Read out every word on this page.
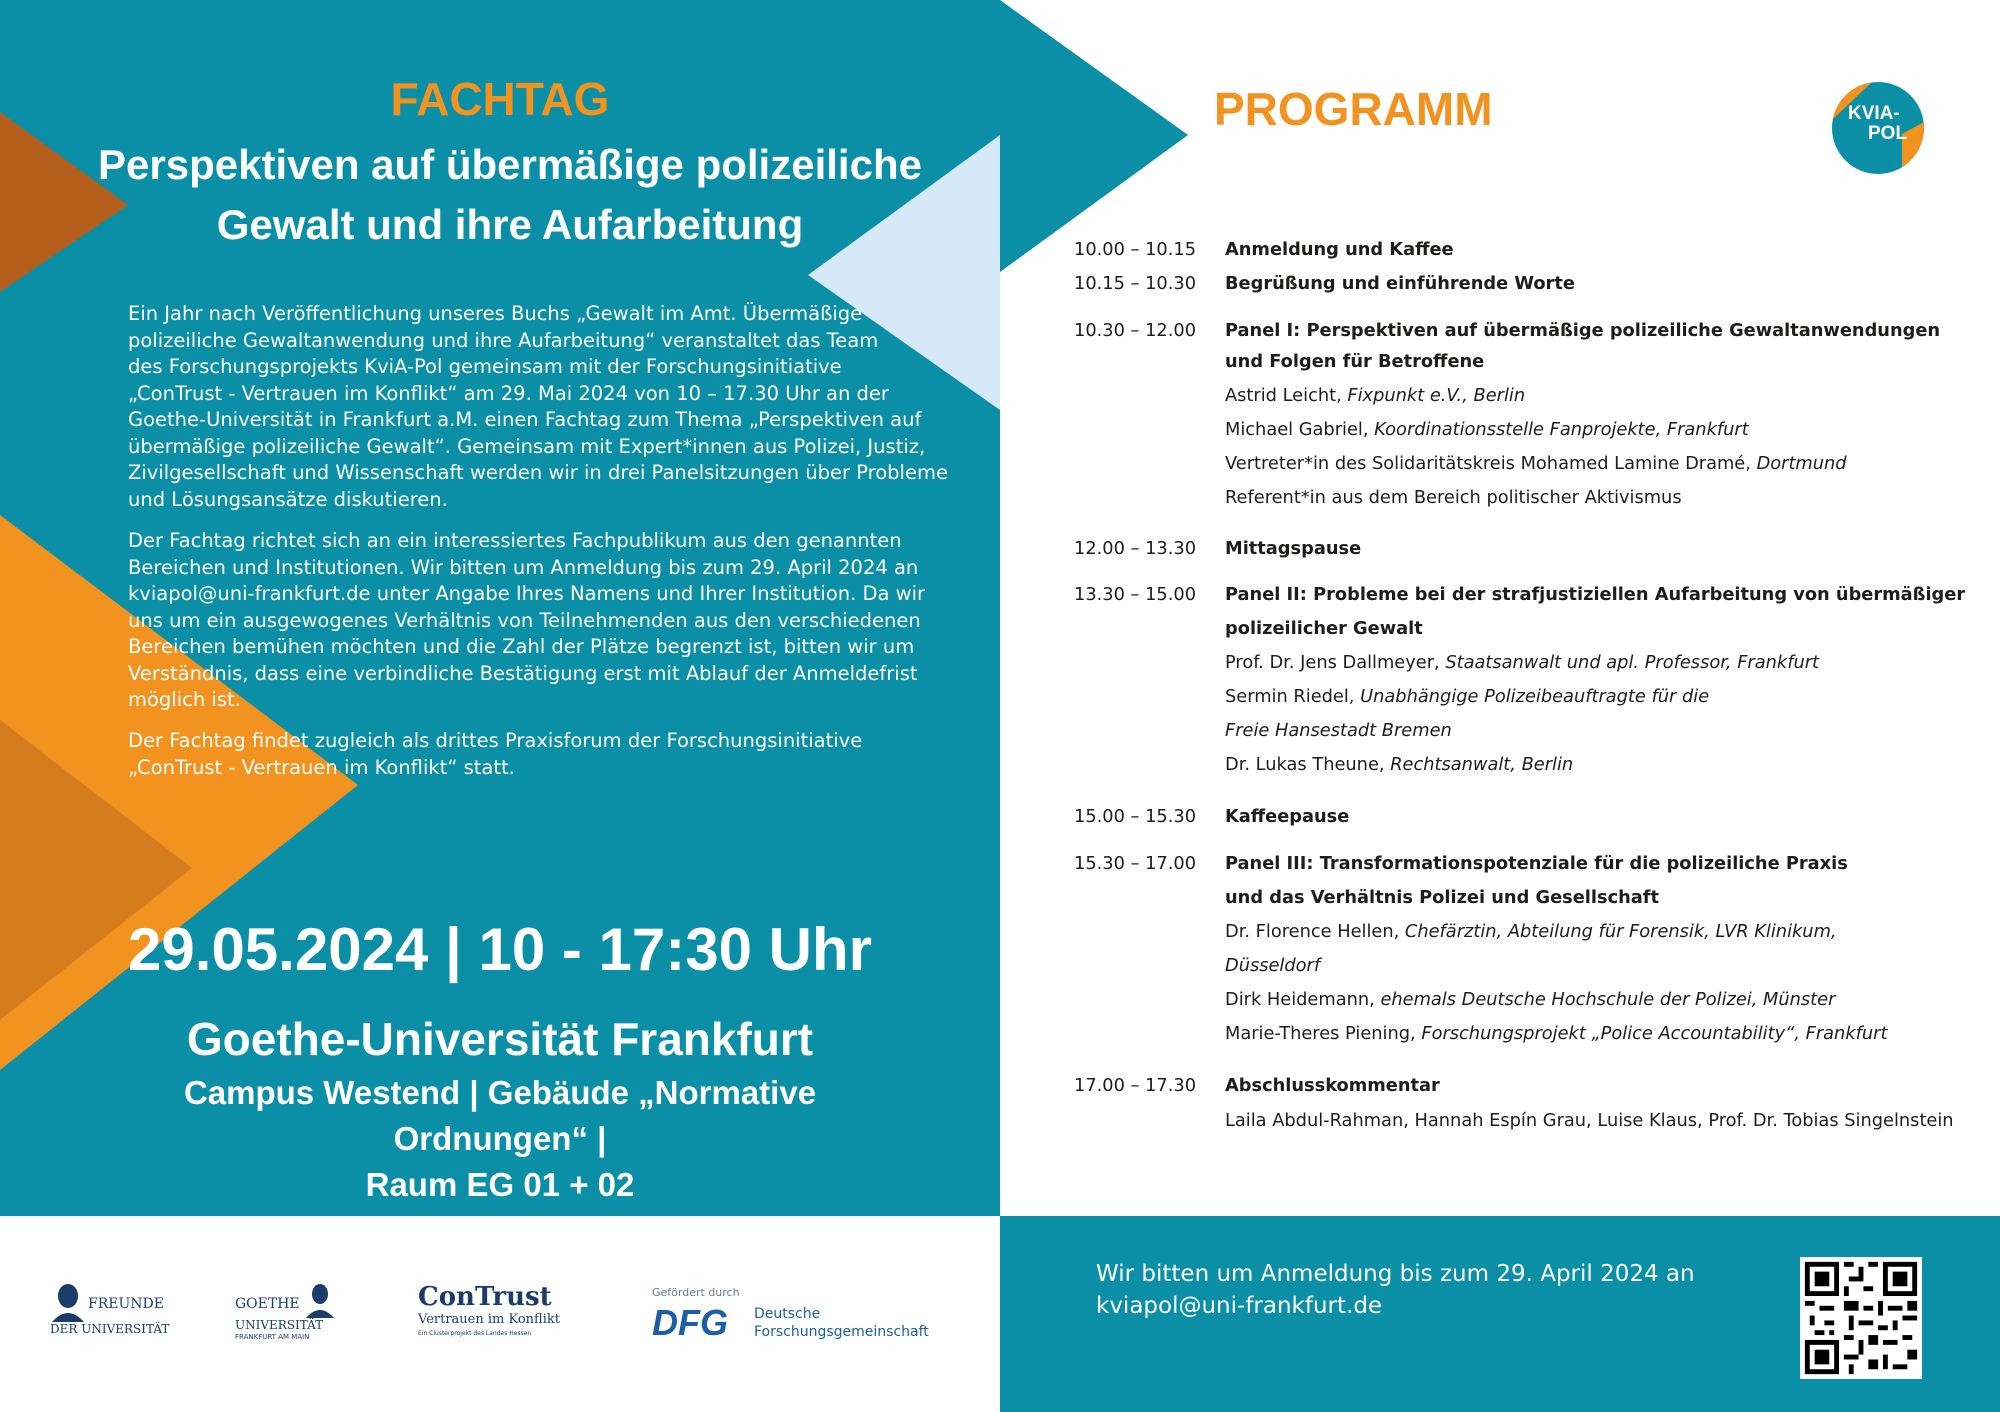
FACHTAG
Perspektiven auf übermäßige polizeiliche
Gewalt und ihre Aufarbeitung
Ein Jahr nach Veröffentlichung unseres Buchs „Gewalt im Amt. Übermäßige
polizeiliche Gewaltanwendung und ihre Aufarbeitung“ veranstaltet das Team
des Forschungsprojekts KviA-Pol gemeinsam mit der Forschungsinitiative
„ConTrust - Vertrauen im Konflikt“ am 29. Mai 2024 von 10 – 17.30 Uhr an der
Goethe-Universität in Frankfurt a.M. einen Fachtag zum Thema „Perspektiven auf
übermäßige polizeiliche Gewalt“. Gemeinsam mit Expert*innen aus Polizei, Justiz,
Zivilgesellschaft und Wissenschaft werden wir in drei Panelsitzungen über Probleme
und Lösungsansätze diskutieren.
Der Fachtag richtet sich an ein interessiertes Fachpublikum aus den genannten
Bereichen und Institutionen. Wir bitten um Anmeldung bis zum 29. April 2024 an
kviapol@uni-frankfurt.de unter Angabe Ihres Namens und Ihrer Institution. Da wir
uns um ein ausgewogenes Verhältnis von Teilnehmenden aus den verschiedenen
Bereichen bemühen möchten und die Zahl der Plätze begrenzt ist, bitten wir um
Verständnis, dass eine verbindliche Bestätigung erst mit Ablauf der Anmeldefrist
möglich ist.
Der Fachtag findet zugleich als drittes Praxisforum der Forschungsinitiative
„ConTrust - Vertrauen im Konflikt“ statt.
29.05.2024 | 10 - 17:30 Uhr
Goethe-Universität Frankfurt
Campus Westend | Gebäude „Normative Ordnungen“ |
Raum EG 01 + 02
PROGRAMM	KVIA-
POL
10.00 – 10.15 Anmeldung und Kaffee
10.15 – 10.30 Begrüßung und einführende Worte
10.30 – 12.00 Panel I: Perspektiven auf übermäßige polizeiliche Gewaltanwendungen
und Folgen für Betroffene
Astrid Leicht, Fixpunkt e.V., Berlin
Michael Gabriel, Koordinationsstelle Fanprojekte, Frankfurt
Vertreter*in des Solidaritätskreis Mohamed Lamine Dramé, Dortmund
Referent*in aus dem Bereich politischer Aktivismus
12.00 – 13.30 Mittagspause
13.30 – 15.00 Panel II: Probleme bei der strafjustiziellen Aufarbeitung von übermäßiger
polizeilicher Gewalt
Prof. Dr. Jens Dallmeyer, Staatsanwalt und apl. Professor, Frankfurt
Sermin Riedel, Unabhängige Polizeibeauftragte für die
Freie Hansestadt Bremen
Dr. Lukas Theune, Rechtsanwalt, Berlin
15.00 – 15.30 Kaffeepause
15.30 – 17.00 Panel III: Transformationspotenziale für die polizeiliche Praxis
und das Verhältnis Polizei und Gesellschaft
Dr. Florence Hellen, Chefärztin, Abteilung für Forensik, LVR Klinikum,
Düsseldorf
Dirk Heidemann, ehemals Deutsche Hochschule der Polizei, Münster
Marie-Theres Piening, Forschungsprojekt „Police Accountability“, Frankfurt
17.00 – 17.30 Abschlusskommentar
Laila Abdul-Rahman, Hannah Espín Grau, Luise Klaus, Prof. Dr. Tobias Singelnstein
Wir bitten um Anmeldung bis zum 29. April 2024 an
kviapol@uni-frankfurt.de
FREUNDE
DER UNIVERSITÄT
GOETHE
UNIVERSITÄT
FRANKFURT AM MAIN
ConTrust
Vertrauen im Konflikt
Ein Clusterprojekt des Landes Hessen
Gefördert durch
DFG Deutsche
Forschungsgemeinschaft
